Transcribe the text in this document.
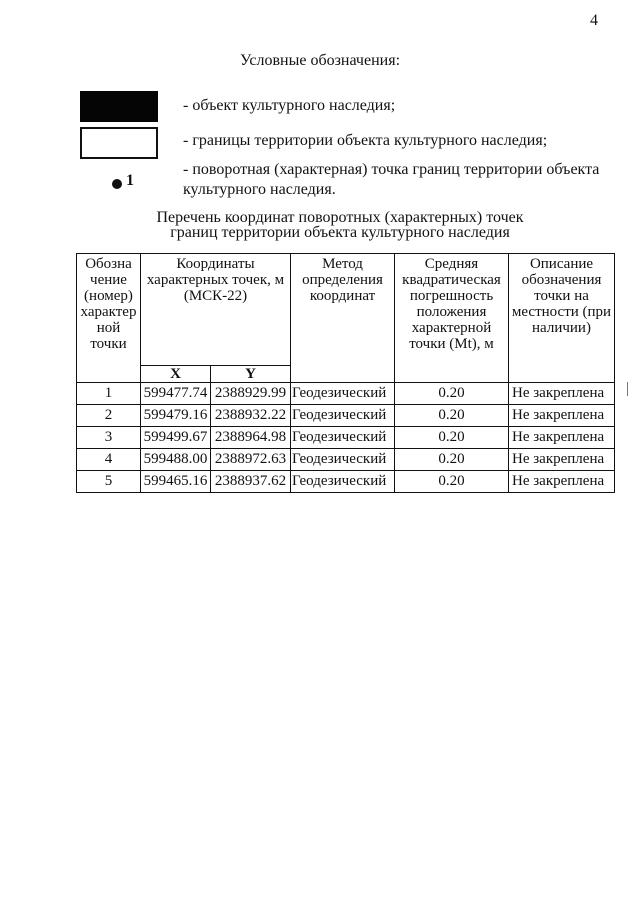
4
Условные обозначения:
- объект культурного наследия;
- границы территории объекта культурного наследия;
1
- поворотная (характерная) точка границ территории объекта культурного наследия.
Перечень координат поворотных (характерных) точек
границ территории объекта культурного наследия
Обозна чение (номер) характер ной точки	Координаты характерных точек, м (МСК-22)		Метод определения координат	Средняя квадратическая погрешность положения характерной точки (Mt), м	Описание обозначения точки на местности (при наличии)
	X	Y			
1	599477.74	2388929.99	Геодезический	0.20	Не закреплена
2	599479.16	2388932.22	Геодезический	0.20	Не закреплена
3	599499.67	2388964.98	Геодезический	0.20	Не закреплена
4	599488.00	2388972.63	Геодезический	0.20	Не закреплена
5	599465.16	2388937.62	Геодезический	0.20	Не закреплена
